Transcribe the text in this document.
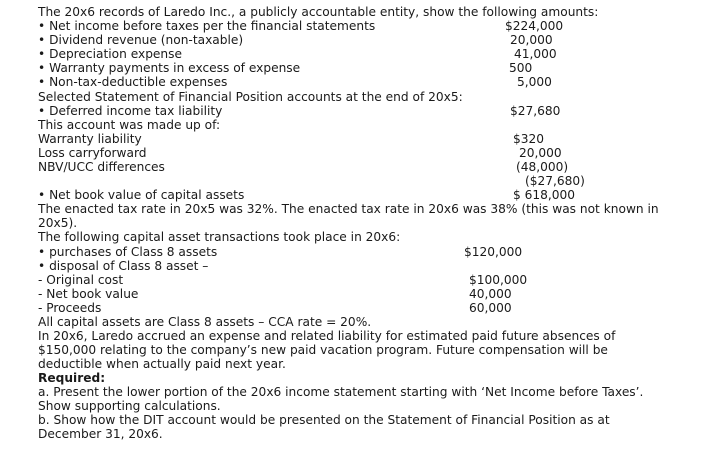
The 20x6 records of Laredo Inc., a publicly accountable entity, show the following amounts:
• Net income before taxes per the financial statements	$224,000
• Dividend revenue (non-taxable)	20,000
• Depreciation expense	41,000
• Warranty payments in excess of expense	500
• Non-tax-deductible expenses	5,000
Selected Statement of Financial Position accounts at the end of 20x5:
• Deferred income tax liability	$27,680
This account was made up of:
Warranty liability	$320
Loss carryforward	20,000
NBV/UCC differences	(48,000)
($27,680)
• Net book value of capital assets	$ 618,000
The enacted tax rate in 20x5 was 32%. The enacted tax rate in 20x6 was 38% (this was not known in
20x5).
The following capital asset transactions took place in 20x6:
• purchases of Class 8 assets	$120,000
• disposal of Class 8 asset –
- Original cost	$100,000
- Net book value	40,000
- Proceeds	60,000
All capital assets are Class 8 assets – CCA rate = 20%.
In 20x6, Laredo accrued an expense and related liability for estimated paid future absences of
$150,000 relating to the company’s new paid vacation program. Future compensation will be
deductible when actually paid next year.
Required:
a. Present the lower portion of the 20x6 income statement starting with ‘Net Income before Taxes’.
Show supporting calculations.
b. Show how the DIT account would be presented on the Statement of Financial Position as at
December 31, 20x6.
